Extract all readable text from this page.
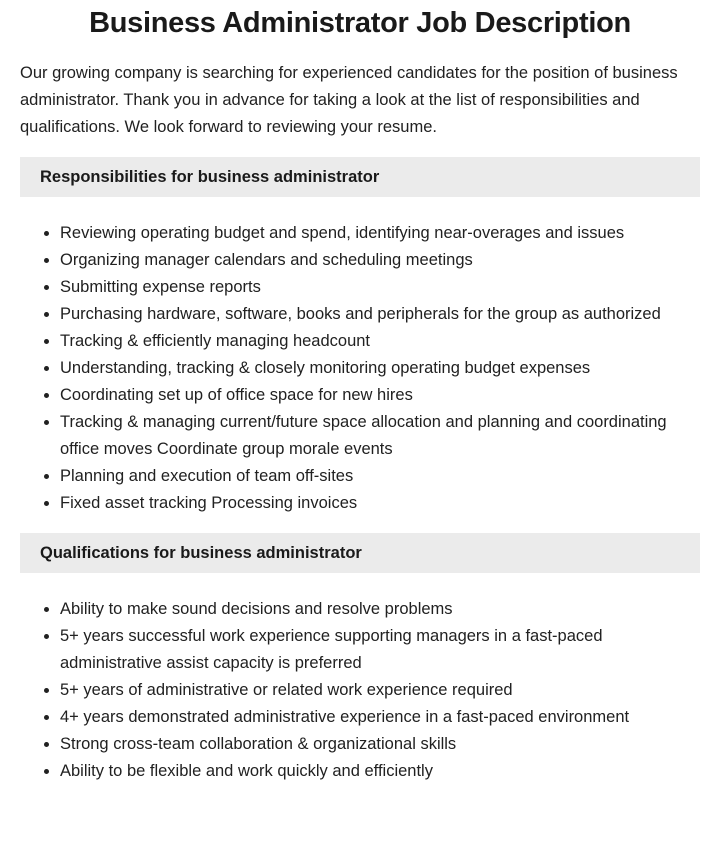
Business Administrator Job Description

Our growing company is searching for experienced candidates for the position of business administrator. Thank you in advance for taking a look at the list of responsibilities and qualifications. We look forward to reviewing your resume.

Responsibilities for business administrator
• Reviewing operating budget and spend, identifying near-overages and issues
• Organizing manager calendars and scheduling meetings
• Submitting expense reports
• Purchasing hardware, software, books and peripherals for the group as authorized
• Tracking & efficiently managing headcount
• Understanding, tracking & closely monitoring operating budget expenses
• Coordinating set up of office space for new hires
• Tracking & managing current/future space allocation and planning and coordinating office moves Coordinate group morale events
• Planning and execution of team off-sites
• Fixed asset tracking Processing invoices
Qualifications for business administrator
• Ability to make sound decisions and resolve problems
• 5+ years successful work experience supporting managers in a fast-paced administrative assist capacity is preferred
• 5+ years of administrative or related work experience required
• 4+ years demonstrated administrative experience in a fast-paced environment
• Strong cross-team collaboration & organizational skills
• Ability to be flexible and work quickly and efficiently
